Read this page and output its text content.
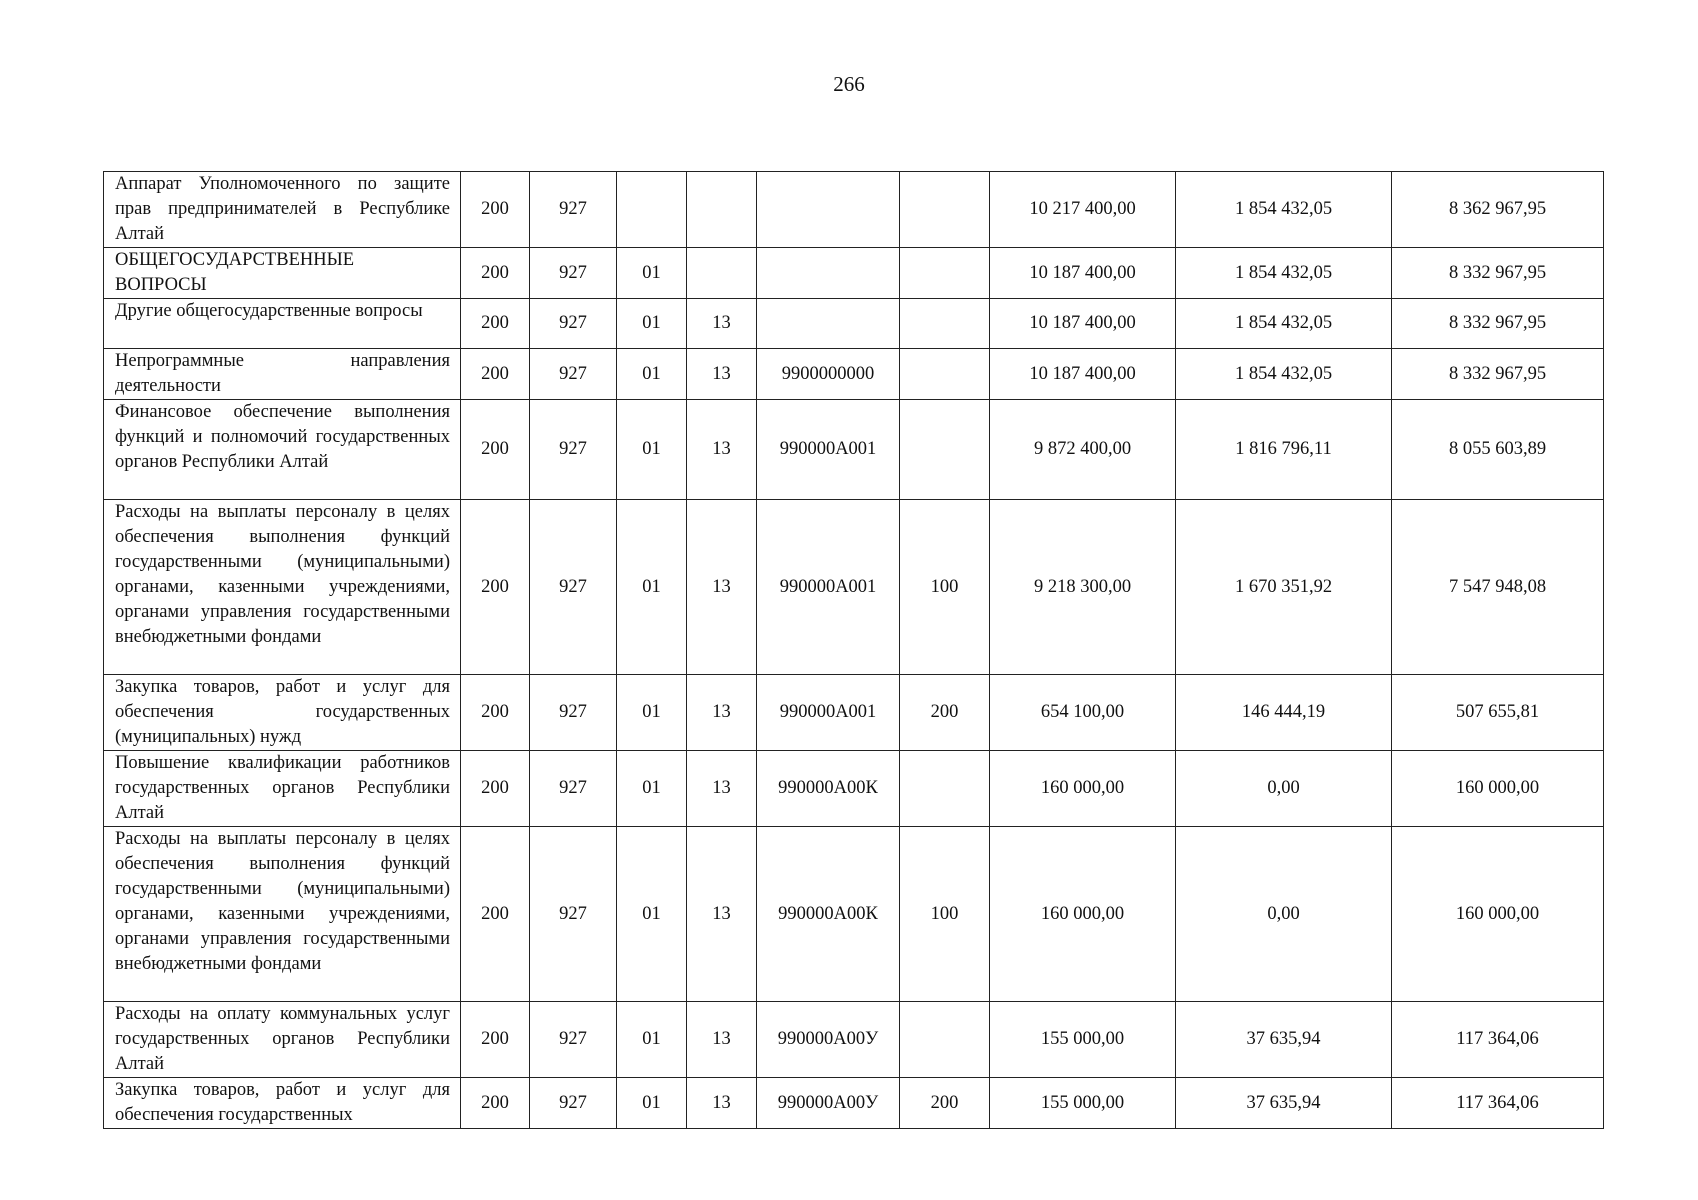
266
Аппарат Уполномоченного по защите прав предпринимателей в Республике Алтай	200	927					10 217 400,00	1 854 432,05	8 362 967,95

ОБЩЕГОСУДАРСТВЕННЫЕ ВОПРОСЫ	200	927	01				10 187 400,00	1 854 432,05	8 332 967,95

Другие общегосударственные вопросы	200	927	01	13			10 187 400,00	1 854 432,05	8 332 967,95

Непрограммные направления деятельности	200	927	01	13	9900000000		10 187 400,00	1 854 432,05	8 332 967,95

Финансовое обеспечение выполнения функций и полномочий государственных органов Республики Алтай	200	927	01	13	990000А001		9 872 400,00	1 816 796,11	8 055 603,89

Расходы на выплаты персоналу в целях обеспечения выполнения функций государственными (муниципальными) органами, казенными учреждениями, органами управления государственными внебюджетными фондами	200	927	01	13	990000А001	100	9 218 300,00	1 670 351,92	7 547 948,08

Закупка товаров, работ и услуг для обеспечения государственных (муниципальных) нужд	200	927	01	13	990000А001	200	654 100,00	146 444,19	507 655,81

Повышение квалификации работников государственных органов Республики Алтай	200	927	01	13	990000А00К		160 000,00	0,00	160 000,00

Расходы на выплаты персоналу в целях обеспечения выполнения функций государственными (муниципальными) органами, казенными учреждениями, органами управления государственными внебюджетными фондами	200	927	01	13	990000А00К	100	160 000,00	0,00	160 000,00

Расходы на оплату коммунальных услуг государственных органов Республики Алтай	200	927	01	13	990000А00У		155 000,00	37 635,94	117 364,06

Закупка товаров, работ и услуг для обеспечения государственных	200	927	01	13	990000А00У	200	155 000,00	37 635,94	117 364,06
